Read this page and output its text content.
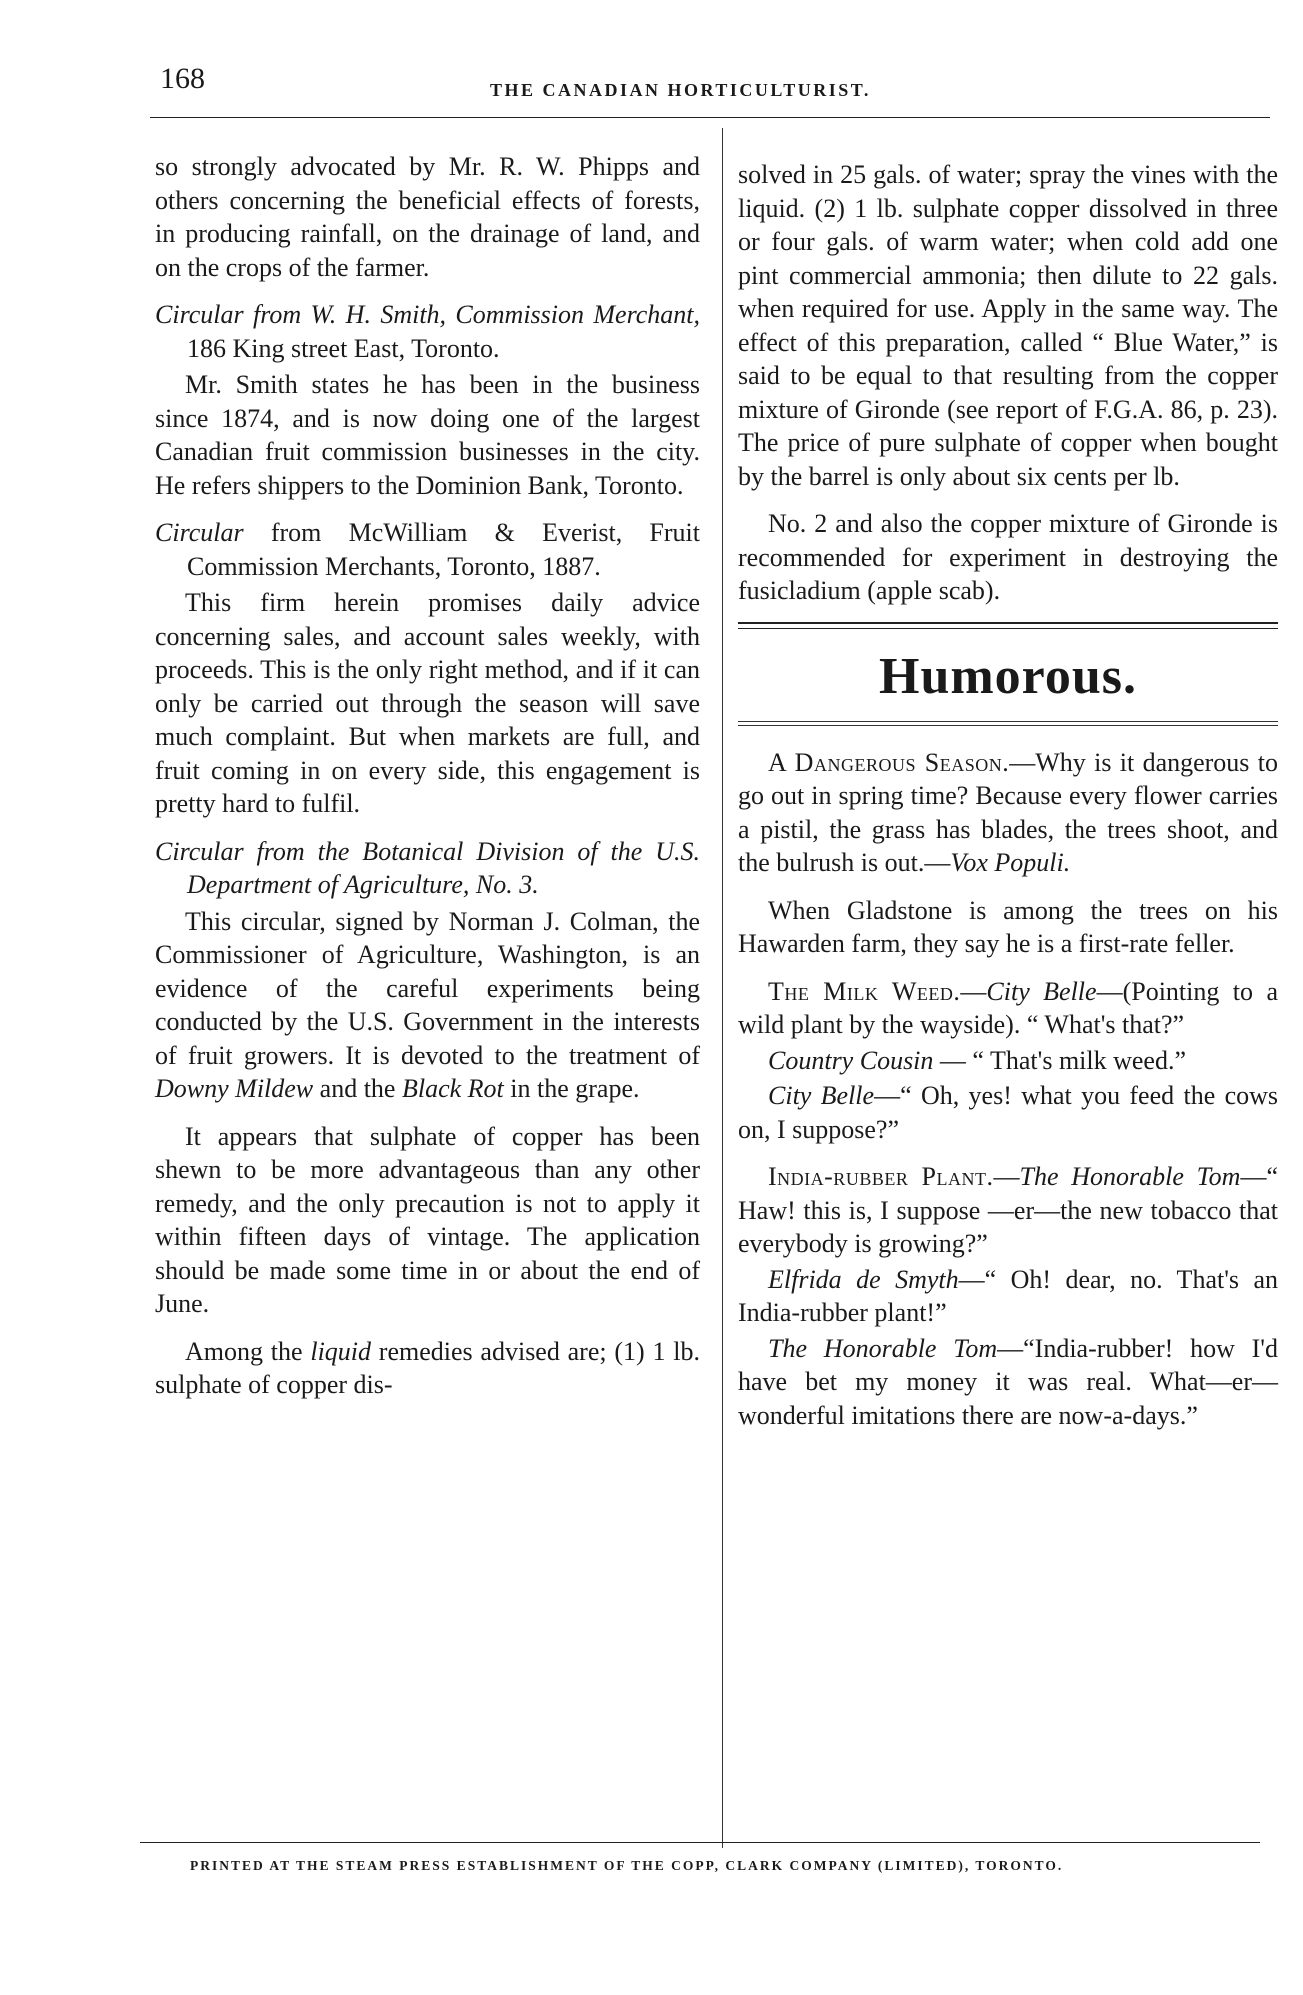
168	THE CANADIAN HORTICULTURIST.

so strongly advocated by Mr. R. W. Phipps and others concerning the beneficial effects of forests, in producing rainfall, on the drainage of land, and on the crops of the farmer.

Circular from W. H. Smith, Commission Merchant, 186 King street East, Toronto.

Mr. Smith states he has been in the business since 1874, and is now doing one of the largest Canadian fruit commission businesses in the city. He refers shippers to the Dominion Bank, Toronto.

Circular from McWilliam & Everist, Fruit Commission Merchants, Toronto, 1887.

This firm herein promises daily advice concerning sales, and account sales weekly, with proceeds. This is the only right method, and if it can only be carried out through the season will save much complaint. But when markets are full, and fruit coming in on every side, this engagement is pretty hard to fulfil.

Circular from the Botanical Division of the U.S. Department of Agriculture, No. 3.

This circular, signed by Norman J. Colman, the Commissioner of Agriculture, Washington, is an evidence of the careful experiments being conducted by the U.S. Government in the interests of fruit growers. It is devoted to the treatment of Downy Mildew and the Black Rot in the grape.

It appears that sulphate of copper has been shewn to be more advantageous than any other remedy, and the only precaution is not to apply it within fifteen days of vintage. The application should be made some time in or about the end of June.

Among the liquid remedies advised are; (1) 1 lb. sulphate of copper dis-

solved in 25 gals. of water; spray the vines with the liquid. (2) 1 lb. sulphate copper dissolved in three or four gals. of warm water; when cold add one pint commercial ammonia; then dilute to 22 gals. when required for use. Apply in the same way. The effect of this preparation, called “ Blue Water,” is said to be equal to that resulting from the copper mixture of Gironde (see report of F.G.A. 86, p. 23). The price of pure sulphate of copper when bought by the barrel is only about six cents per lb.

No. 2 and also the copper mixture of Gironde is recommended for experiment in destroying the fusicladium (apple scab).

Humorous.

A Dangerous Season.—Why is it dangerous to go out in spring time? Because every flower carries a pistil, the grass has blades, the trees shoot, and the bulrush is out.—Vox Populi.

When Gladstone is among the trees on his Hawarden farm, they say he is a first-rate feller.

The Milk Weed.—City Belle—(Pointing to a wild plant by the wayside). “ What's that?”

Country Cousin — “ That's milk weed.”

City Belle—“ Oh, yes! what you feed the cows on, I suppose?”

India-rubber Plant.—The Honorable Tom—“ Haw! this is, I suppose —er—the new tobacco that everybody is growing?”

Elfrida de Smyth—“ Oh! dear, no. That's an India-rubber plant!”

The Honorable Tom—“India-rubber! how I'd have bet my money it was real. What—er—wonderful imitations there are now-a-days.”

PRINTED AT THE STEAM PRESS ESTABLISHMENT OF THE COPP, CLARK COMPANY (LIMITED), TORONTO.
